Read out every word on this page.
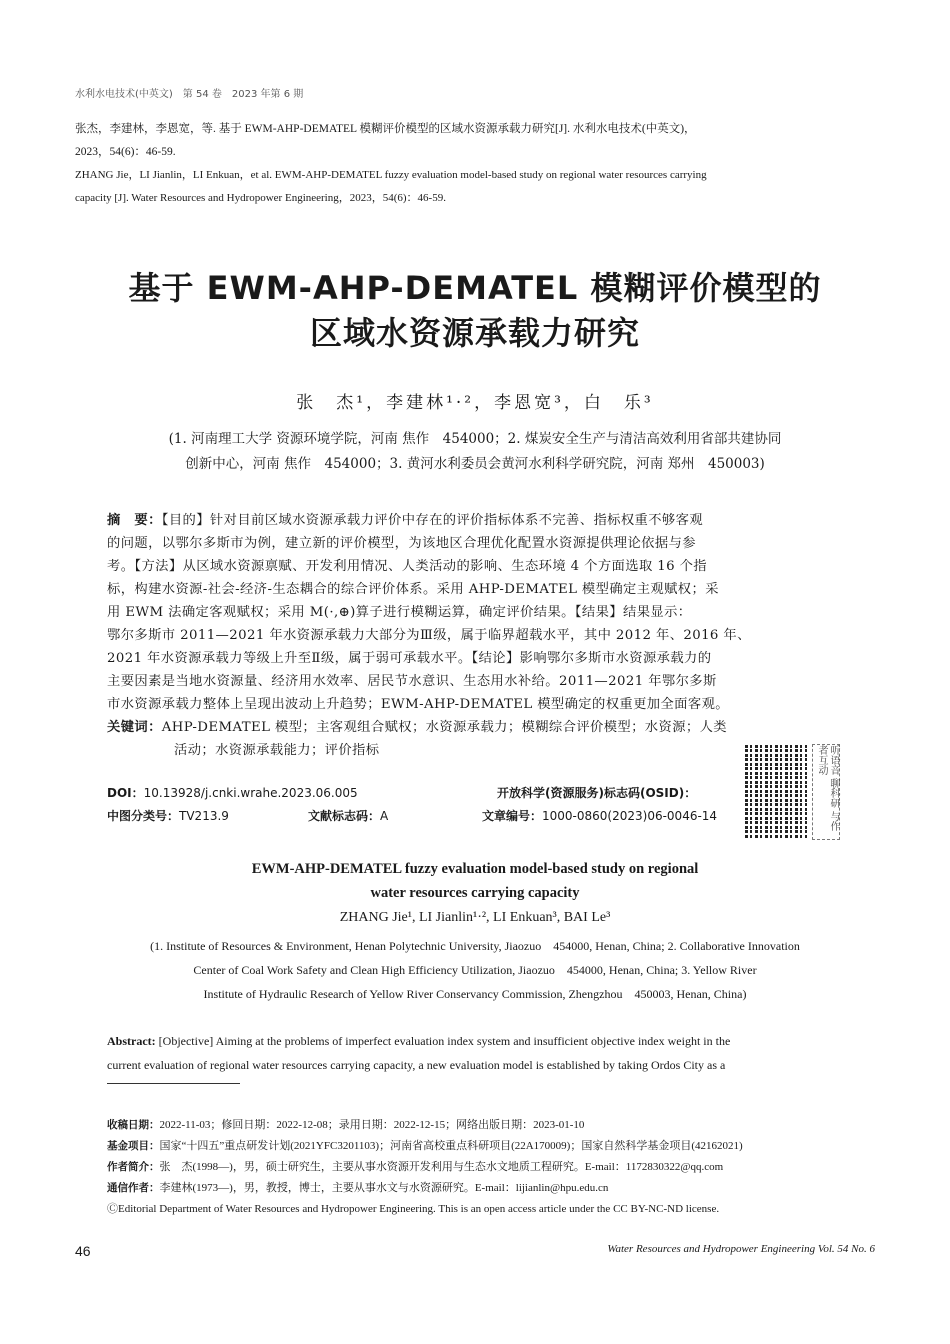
水利水电技术(中英文)　第 54 卷　2023 年第 6 期
张杰，李建林，李恩宽，等. 基于 EWM-AHP-DEMATEL 模糊评价模型的区域水资源承载力研究[J]. 水利水电技术(中英文)，
2023，54(6)：46-59.
ZHANG Jie，LI Jianlin，LI Enkuan，et al. EWM-AHP-DEMATEL fuzzy evaluation model-based study on regional water resources carrying
capacity [J]. Water Resources and Hydropower Engineering，2023，54(6)：46-59.
基于 EWM-AHP-DEMATEL 模糊评价模型的
区域水资源承载力研究
张　杰¹，李建林¹·²，李恩宽³，白　乐³
(1. 河南理工大学 资源环境学院，河南 焦作　454000；2. 煤炭安全生产与清洁高效利用省部共建协同
创新中心，河南 焦作　454000；3. 黄河水利委员会黄河水利科学研究院，河南 郑州　450003)
摘　要：【目的】针对目前区域水资源承载力评价中存在的评价指标体系不完善、指标权重不够客观
的问题，以鄂尔多斯市为例，建立新的评价模型，为该地区合理优化配置水资源提供理论依据与参
考。【方法】从区域水资源禀赋、开发利用情况、人类活动的影响、生态环境 4 个方面选取 16 个指
标，构建水资源-社会-经济-生态耦合的综合评价体系。采用 AHP-DEMATEL 模型确定主观赋权；采
用 EWM 法确定客观赋权；采用 M(·,⊕)算子进行模糊运算，确定评价结果。【结果】结果显示：
鄂尔多斯市 2011—2021 年水资源承载力大部分为Ⅲ级，属于临界超载水平，其中 2012 年、2016 年、
2021 年水资源承载力等级上升至Ⅱ级，属于弱可承载水平。【结论】影响鄂尔多斯市水资源承载力的
主要因素是当地水资源量、经济用水效率、居民节水意识、生态用水补给。2011—2021 年鄂尔多斯
市水资源承载力整体上呈现出波动上升趋势；EWM-AHP-DEMATEL 模型确定的权重更加全面客观。
关键词：AHP-DEMATEL 模型；主客观组合赋权；水资源承载力；模糊综合评价模型；水资源；人类
活动；水资源承载能力；评价指标
DOI：10.13928/j.cnki.wrahe.2023.06.005	开放科学(资源服务)标志码(OSID)：
中图分类号：TV213.9	文献标志码：A	文章编号：1000-0860(2023)06-0046-14	听语音 聊科研 与作者互动
EWM-AHP-DEMATEL fuzzy evaluation model-based study on regional
water resources carrying capacity
ZHANG Jie¹, LI Jianlin¹·², LI Enkuan³, BAI Le³
(1. Institute of Resources & Environment, Henan Polytechnic University, Jiaozuo　454000, Henan, China; 2. Collaborative Innovation
Center of Coal Work Safety and Clean High Efficiency Utilization, Jiaozuo　454000, Henan, China; 3. Yellow River
Institute of Hydraulic Research of Yellow River Conservancy Commission, Zhengzhou　450003, Henan, China)
Abstract: [Objective] Aiming at the problems of imperfect evaluation index system and insufficient objective index weight in the
current evaluation of regional water resources carrying capacity, a new evaluation model is established by taking Ordos City as a
收稿日期：2022-11-03；修回日期：2022-12-08；录用日期：2022-12-15；网络出版日期：2023-01-10
基金项目：国家“十四五”重点研发计划(2021YFC3201103)；河南省高校重点科研项目(22A170009)；国家自然科学基金项目(42162021)
作者简介：张　杰(1998—)，男，硕士研究生，主要从事水资源开发利用与生态水文地质工程研究。E-mail：1172830322@qq.com
通信作者：李建林(1973—)，男，教授，博士，主要从事水文与水资源研究。E-mail：lijianlin@hpu.edu.cn
ⒸEditorial Department of Water Resources and Hydropower Engineering. This is an open access article under the CC BY-NC-ND license.
46	Water Resources and Hydropower Engineering Vol. 54 No. 6
